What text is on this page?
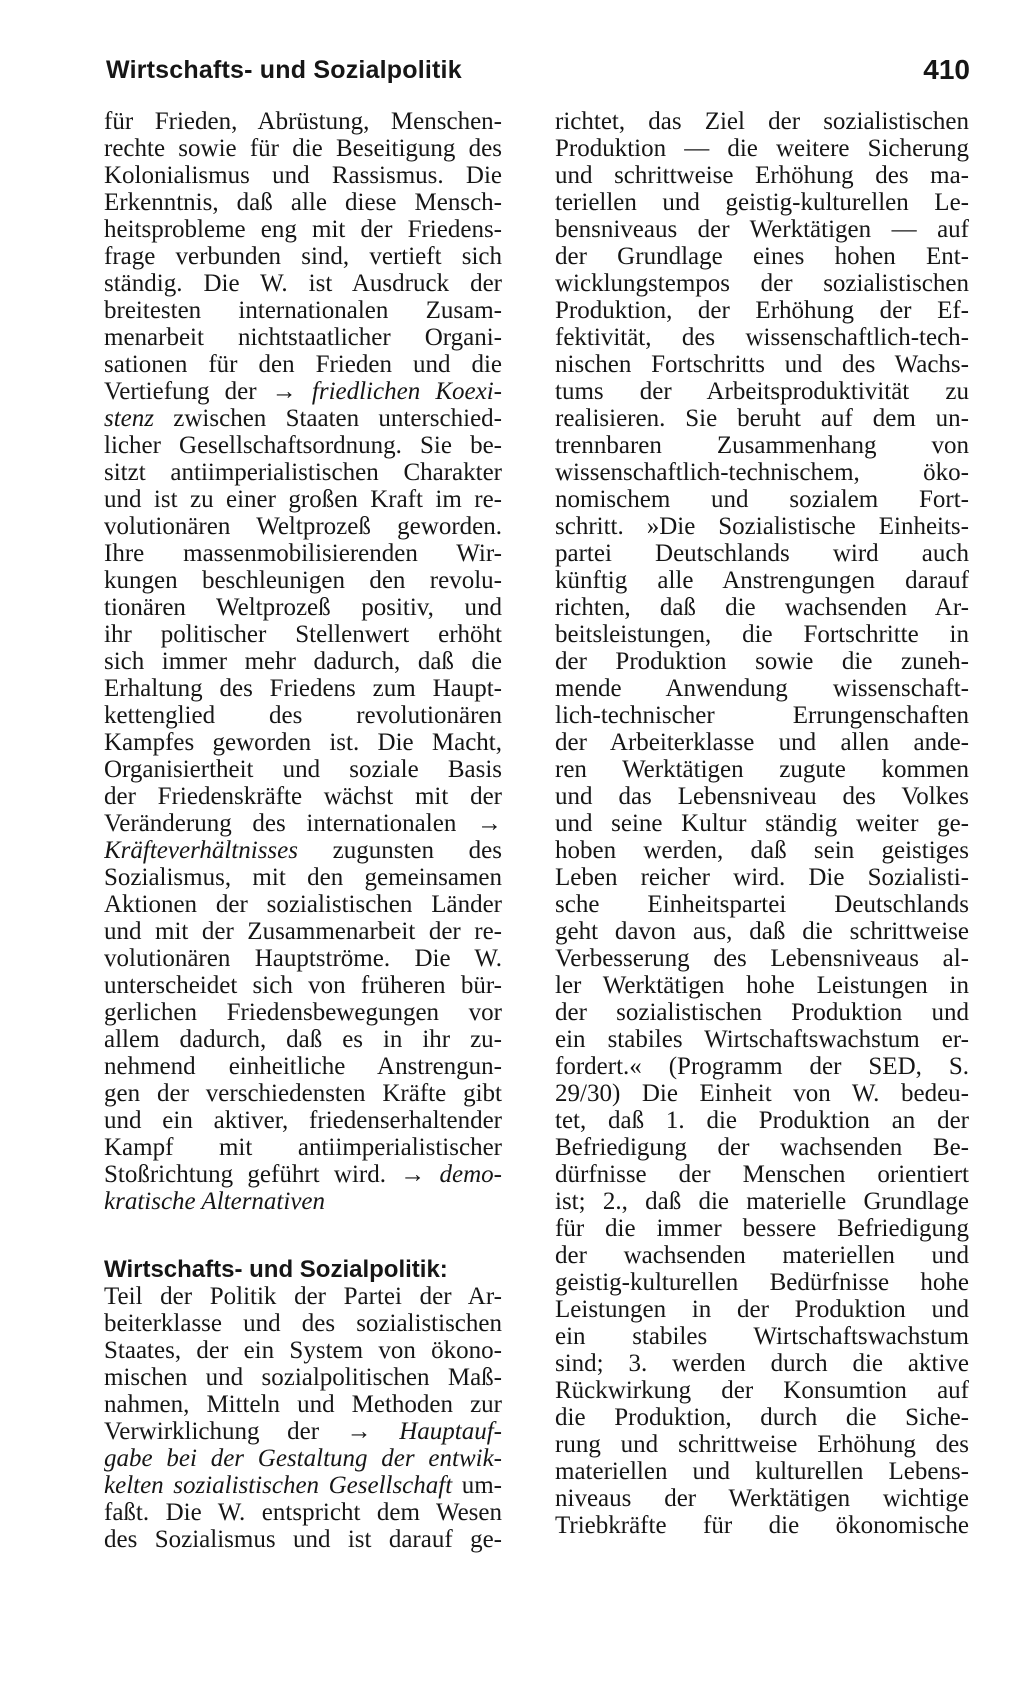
Wirtschafts- und Sozialpolitik	410
für Frieden, Abrüstung, Menschen-
rechte sowie für die Beseitigung des
Kolonialismus und Rassismus. Die
Erkenntnis, daß alle diese Mensch-
heitsprobleme eng mit der Friedens-
frage verbunden sind, vertieft sich
ständig. Die W. ist Ausdruck der
breitesten internationalen Zusam-
menarbeit nichtstaatlicher Organi-
sationen für den Frieden und die
Vertiefung der → friedlichen Koexi-
stenz zwischen Staaten unterschied-
licher Gesellschaftsordnung. Sie be-
sitzt antiimperialistischen Charakter
und ist zu einer großen Kraft im re-
volutionären Weltprozeß geworden.
Ihre massenmobilisierenden Wir-
kungen beschleunigen den revolu-
tionären Weltprozeß positiv, und
ihr politischer Stellenwert erhöht
sich immer mehr dadurch, daß die
Erhaltung des Friedens zum Haupt-
kettenglied des revolutionären
Kampfes geworden ist. Die Macht,
Organisiertheit und soziale Basis
der Friedenskräfte wächst mit der
Veränderung des internationalen →
Kräfteverhältnisses zugunsten des
Sozialismus, mit den gemeinsamen
Aktionen der sozialistischen Länder
und mit der Zusammenarbeit der re-
volutionären Hauptströme. Die W.
unterscheidet sich von früheren bür-
gerlichen Friedensbewegungen vor
allem dadurch, daß es in ihr zu-
nehmend einheitliche Anstrengun-
gen der verschiedensten Kräfte gibt
und ein aktiver, friedenserhaltender
Kampf mit antiimperialistischer
Stoßrichtung geführt wird. → demo-
kratische Alternativen
Wirtschafts- und Sozialpolitik:
Teil der Politik der Partei der Ar-
beiterklasse und des sozialistischen
Staates, der ein System von ökono-
mischen und sozialpolitischen Maß-
nahmen, Mitteln und Methoden zur
Verwirklichung der → Hauptauf-
gabe bei der Gestaltung der entwik-
kelten sozialistischen Gesellschaft um-
faßt. Die W. entspricht dem Wesen
des Sozialismus und ist darauf ge-
richtet, das Ziel der sozialistischen
Produktion — die weitere Sicherung
und schrittweise Erhöhung des ma-
teriellen und geistig-kulturellen Le-
bensniveaus der Werktätigen — auf
der Grundlage eines hohen Ent-
wicklungstempos der sozialistischen
Produktion, der Erhöhung der Ef-
fektivität, des wissenschaftlich-tech-
nischen Fortschritts und des Wachs-
tums der Arbeitsproduktivität zu
realisieren. Sie beruht auf dem un-
trennbaren Zusammenhang von
wissenschaftlich-technischem, öko-
nomischem und sozialem Fort-
schritt. »Die Sozialistische Einheits-
partei Deutschlands wird auch
künftig alle Anstrengungen darauf
richten, daß die wachsenden Ar-
beitsleistungen, die Fortschritte in
der Produktion sowie die zuneh-
mende Anwendung wissenschaft-
lich-technischer Errungenschaften
der Arbeiterklasse und allen ande-
ren Werktätigen zugute kommen
und das Lebensniveau des Volkes
und seine Kultur ständig weiter ge-
hoben werden, daß sein geistiges
Leben reicher wird. Die Sozialisti-
sche Einheitspartei Deutschlands
geht davon aus, daß die schrittweise
Verbesserung des Lebensniveaus al-
ler Werktätigen hohe Leistungen in
der sozialistischen Produktion und
ein stabiles Wirtschaftswachstum er-
fordert.« (Programm der SED, S.
29/30) Die Einheit von W. bedeu-
tet, daß 1. die Produktion an der
Befriedigung der wachsenden Be-
dürfnisse der Menschen orientiert
ist; 2., daß die materielle Grundlage
für die immer bessere Befriedigung
der wachsenden materiellen und
geistig-kulturellen Bedürfnisse hohe
Leistungen in der Produktion und
ein stabiles Wirtschaftswachstum
sind; 3. werden durch die aktive
Rückwirkung der Konsumtion auf
die Produktion, durch die Siche-
rung und schrittweise Erhöhung des
materiellen und kulturellen Lebens-
niveaus der Werktätigen wichtige
Triebkräfte für die ökonomische
